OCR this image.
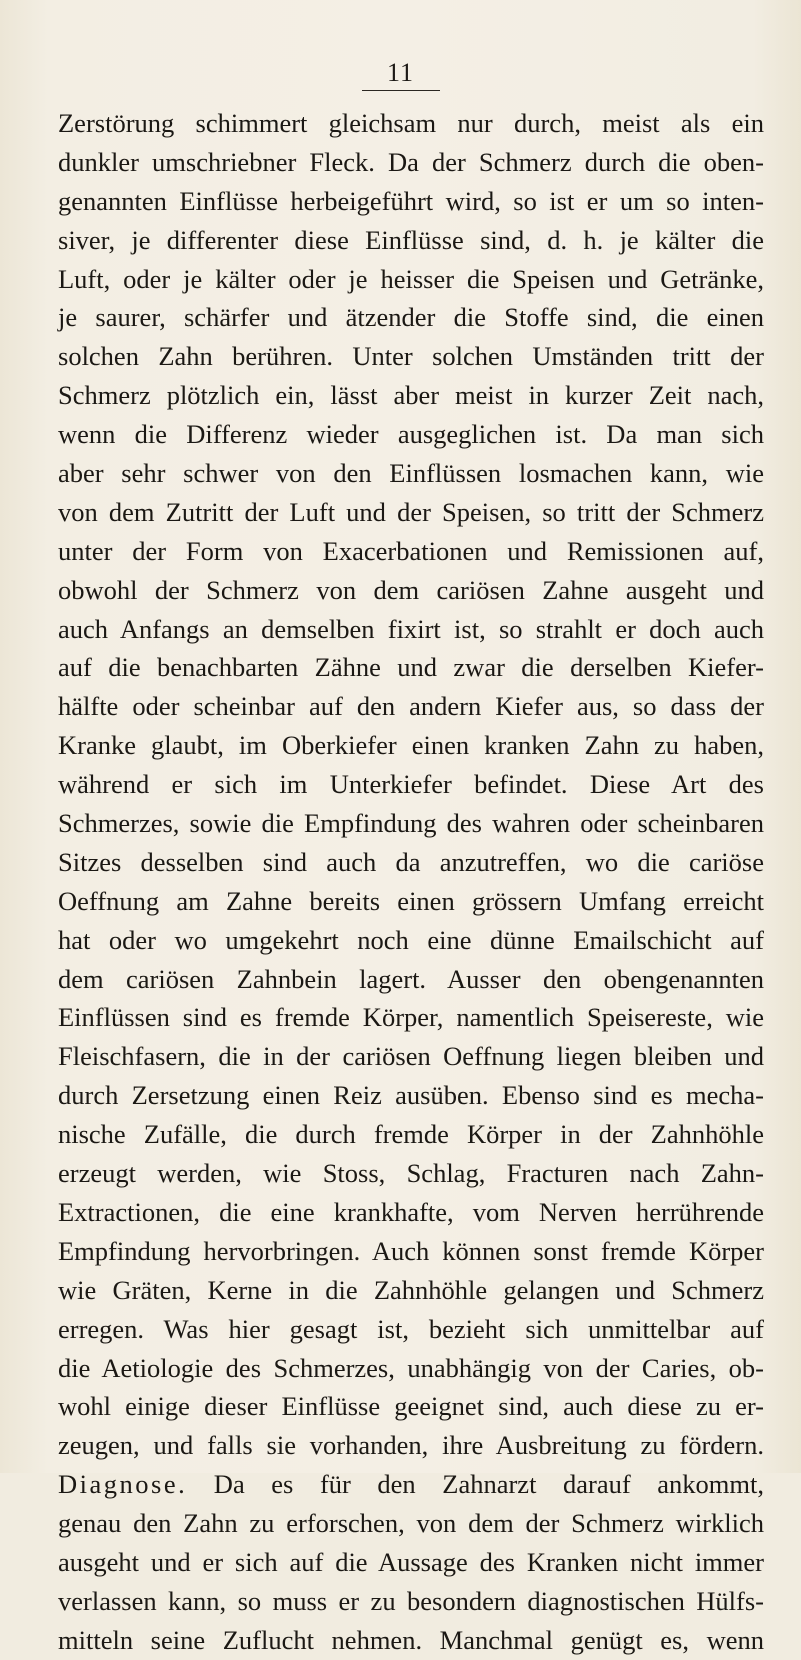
11
Zerstörung schimmert gleichsam nur durch, meist als ein
dunkler umschriebner Fleck. Da der Schmerz durch die oben-
genannten Einflüsse herbeigeführt wird, so ist er um so inten-
siver, je differenter diese Einflüsse sind, d. h. je kälter die
Luft, oder je kälter oder je heisser die Speisen und Getränke,
je saurer, schärfer und ätzender die Stoffe sind, die einen
solchen Zahn berühren. Unter solchen Umständen tritt der
Schmerz plötzlich ein, lässt aber meist in kurzer Zeit nach,
wenn die Differenz wieder ausgeglichen ist. Da man sich
aber sehr schwer von den Einflüssen losmachen kann, wie
von dem Zutritt der Luft und der Speisen, so tritt der Schmerz
unter der Form von Exacerbationen und Remissionen auf,
obwohl der Schmerz von dem cariösen Zahne ausgeht und
auch Anfangs an demselben fixirt ist, so strahlt er doch auch
auf die benachbarten Zähne und zwar die derselben Kiefer-
hälfte oder scheinbar auf den andern Kiefer aus, so dass der
Kranke glaubt, im Oberkiefer einen kranken Zahn zu haben,
während er sich im Unterkiefer befindet. Diese Art des
Schmerzes, sowie die Empfindung des wahren oder scheinbaren
Sitzes desselben sind auch da anzutreffen, wo die cariöse
Oeffnung am Zahne bereits einen grössern Umfang erreicht
hat oder wo umgekehrt noch eine dünne Emailschicht auf
dem cariösen Zahnbein lagert. Ausser den obengenannten
Einflüssen sind es fremde Körper, namentlich Speisereste, wie
Fleischfasern, die in der cariösen Oeffnung liegen bleiben und
durch Zersetzung einen Reiz ausüben. Ebenso sind es mecha-
nische Zufälle, die durch fremde Körper in der Zahnhöhle
erzeugt werden, wie Stoss, Schlag, Fracturen nach Zahn-
Extractionen, die eine krankhafte, vom Nerven herrührende
Empfindung hervorbringen. Auch können sonst fremde Körper
wie Gräten, Kerne in die Zahnhöhle gelangen und Schmerz
erregen. Was hier gesagt ist, bezieht sich unmittelbar auf
die Aetiologie des Schmerzes, unabhängig von der Caries, ob-
wohl einige dieser Einflüsse geeignet sind, auch diese zu er-
zeugen, und falls sie vorhanden, ihre Ausbreitung zu fördern.
Diagnose. Da es für den Zahnarzt darauf ankommt,
genau den Zahn zu erforschen, von dem der Schmerz wirklich
ausgeht und er sich auf die Aussage des Kranken nicht immer
verlassen kann, so muss er zu besondern diagnostischen Hülfs-
mitteln seine Zuflucht nehmen. Manchmal genügt es, wenn
